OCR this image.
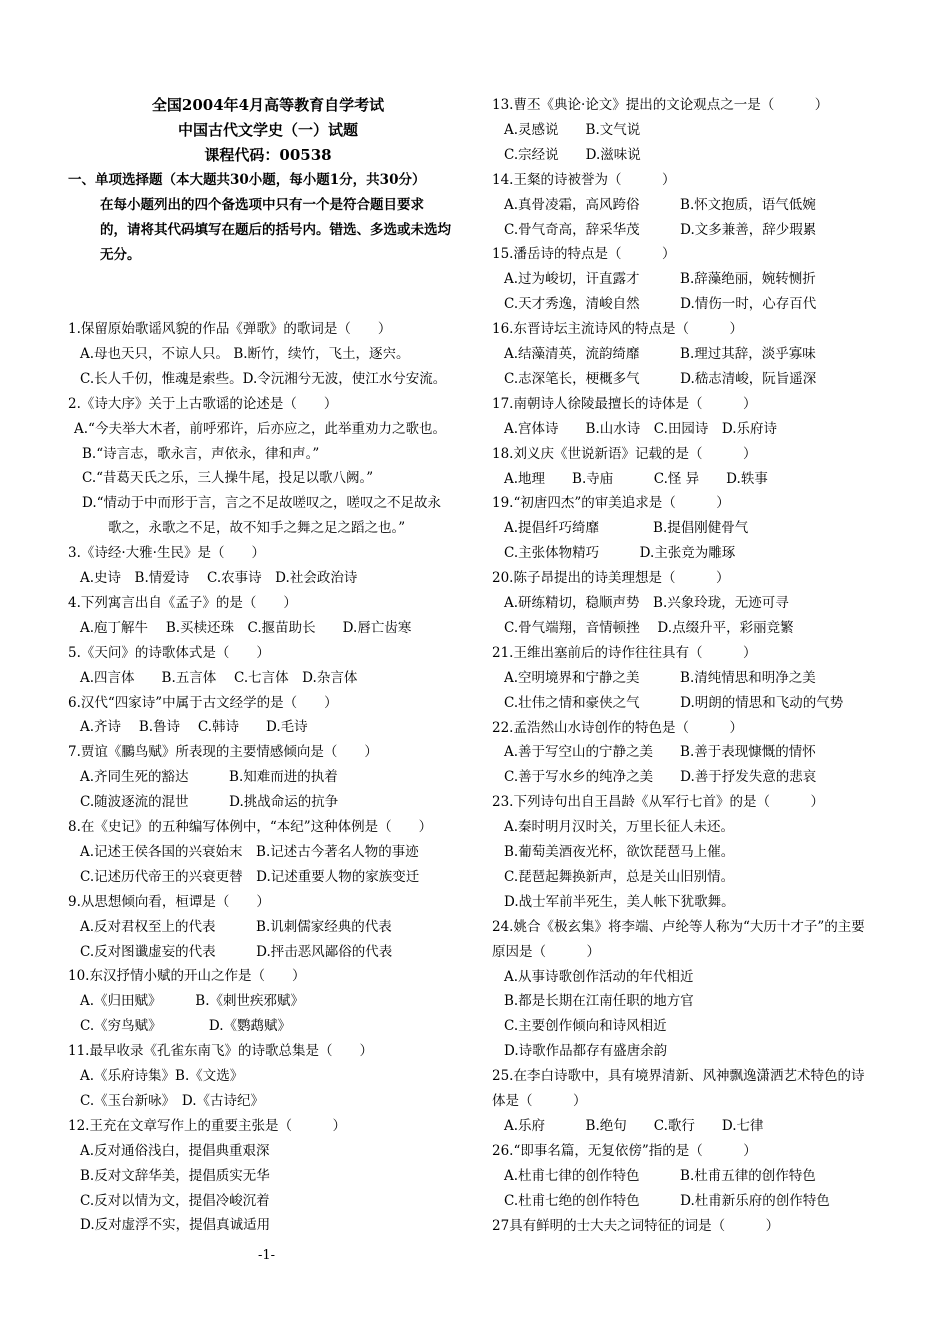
全国2004年4月高等教育自学考试
中国古代文学史（一）试题
课程代码：00538
一、单项选择题（本大题共30小题，每小题1分，共30分）
在每小题列出的四个备选项中只有一个是符合题目要求
的，请将其代码填写在题后的括号内。错选、多选或未选均
无分。
1.保留原始歌谣风貌的作品《弹歌》的歌词是（　　）
A.母也天只，不谅人只。 B.断竹，续竹，飞土，逐宍。
C.长人千仞，惟魂是索些。D.令沅湘兮无波，使江水兮安流。
2.《诗大序》关于上古歌谣的论述是（　　）
A.“今夫举大木者，前呼邪许，后亦应之，此举重劝力之歌也。
B.“诗言志，歌永言，声依永，律和声。”
C.“昔葛天氏之乐，三人操牛尾，投足以歌八阙。”
D.“情动于中而形于言，言之不足故嗟叹之，嗟叹之不足故永
歌之，永歌之不足，故不知手之舞之足之蹈之也。”
3.《诗经·大雅·生民》是（　　）
A.史诗　B.情爱诗　 C.农事诗　D.社会政治诗
4.下列寓言出自《孟子》的是（　　）
A.庖丁解牛　 B.买椟还珠　C.揠苗助长　　D.唇亡齿寒
5.《天问》的诗歌体式是（　　）
A.四言体　　B.五言体　 C.七言体　D.杂言体
6.汉代“四家诗”中属于古文经学的是（　　）
A.齐诗　 B.鲁诗　 C.韩诗　　D.毛诗
7.贾谊《鵩鸟赋》所表现的主要情感倾向是（　　）
A.齐同生死的豁达　　　B.知难而进的执着
C.随波逐流的混世　　　D.挑战命运的抗争
8.在《史记》的五种编写体例中，“本纪”这种体例是（　　）
A.记述王侯各国的兴衰始末　B.记述古今著名人物的事迹
C.记述历代帝王的兴衰更替　D.记述重要人物的家族变迁
9.从思想倾向看，桓谭是（　　）
A.反对君权至上的代表　　　B.讥刺儒家经典的代表
C.反对图谶虚妄的代表　　　D.抨击恶风鄙俗的代表
10.东汉抒情小赋的开山之作是（　　）
A.《归田赋》　　　B.《刺世疾邪赋》
C.《穷鸟赋》　　　　D.《鹦鹉赋》
11.最早收录《孔雀东南飞》的诗歌总集是（　　）
A.《乐府诗集》B.《文选》
C.《玉台新咏》　D.《古诗纪》
12.王充在文章写作上的重要主张是（　　　）
A.反对通俗浅白，提倡典重艰深
B.反对文辞华美，提倡质实无华
C.反对以情为文，提倡冷峻沉着
D.反对虚浮不实，提倡真诚适用
13.曹丕《典论·论文》提出的文论观点之一是（　　　）
A.灵感说　　B.文气说
C.宗经说　　D.滋味说
14.王粲的诗被誉为（　　　）
A.真骨凌霜，高风跨俗　　　B.怀文抱质，语气低婉
C.骨气奇高，辞采华茂　　　D.文多兼善，辞少瑕累
15.潘岳诗的特点是（　　　）
A.过为峻切，讦直露才　　　B.辞藻绝丽，婉转恻折
C.天才秀逸，清峻自然　　　D.情伤一时，心存百代
16.东晋诗坛主流诗风的特点是（　　　）
A.结藻清英，流韵绮靡　　　B.理过其辞，淡乎寡味
C.志深笔长，梗概多气　　　D.嵇志清峻，阮旨遥深
17.南朝诗人徐陵最擅长的诗体是（　　　）
A.宫体诗　　B.山水诗　C.田园诗　D.乐府诗
18.刘义庆《世说新语》记载的是（　　　）
A.地理　　B.寺庙　　　C.怪 异　　D.轶事
19.“初唐四杰”的审美追求是（　　　）
A.提倡纤巧绮靡　　　　B.提倡刚健骨气
C.主张体物精巧　　　D.主张竞为雕琢
20.陈子昂提出的诗美理想是（　　　）
A.研练精切，稳顺声势　B.兴象玲珑，无迹可寻
C.骨气端翔，音情顿挫　 D.点缀升平，彩丽竞繁
21.王维出塞前后的诗作往往具有（　　　）
A.空明境界和宁静之美　　　B.清纯情思和明净之美
C.壮伟之情和豪侠之气　　　D.明朗的情思和飞动的气势
22.孟浩然山水诗创作的特色是（　　　）
A.善于写空山的宁静之美　　B.善于表现慷慨的情怀
C.善于写水乡的纯净之美　　D.善于抒发失意的悲哀
23.下列诗句出自王昌龄《从军行七首》的是（　　　）
A.秦时明月汉时关，万里长征人未还。
B.葡萄美酒夜光杯，欲饮琵琶马上催。
C.琵琶起舞换新声，总是关山旧别情。
D.战士军前半死生，美人帐下犹歌舞。
24.姚合《极玄集》将李端、卢纶等人称为“大历十才子”的主要
原因是（　　　）
A.从事诗歌创作活动的年代相近
B.都是长期在江南任职的地方官
C.主要创作倾向和诗风相近
D.诗歌作品都存有盛唐余韵
25.在李白诗歌中，具有境界清新、风神飘逸潇洒艺术特色的诗
体是（　　　）
A.乐府　　　B.绝句　　C.歌行　　D.七律
26.“即事名篇，无复依傍”指的是（　　　）
A.杜甫七律的创作特色　　　B.杜甫五律的创作特色
C.杜甫七绝的创作特色　　　D.杜甫新乐府的创作特色
27具有鲜明的士大夫之词特征的词是（　　　）
-1-
